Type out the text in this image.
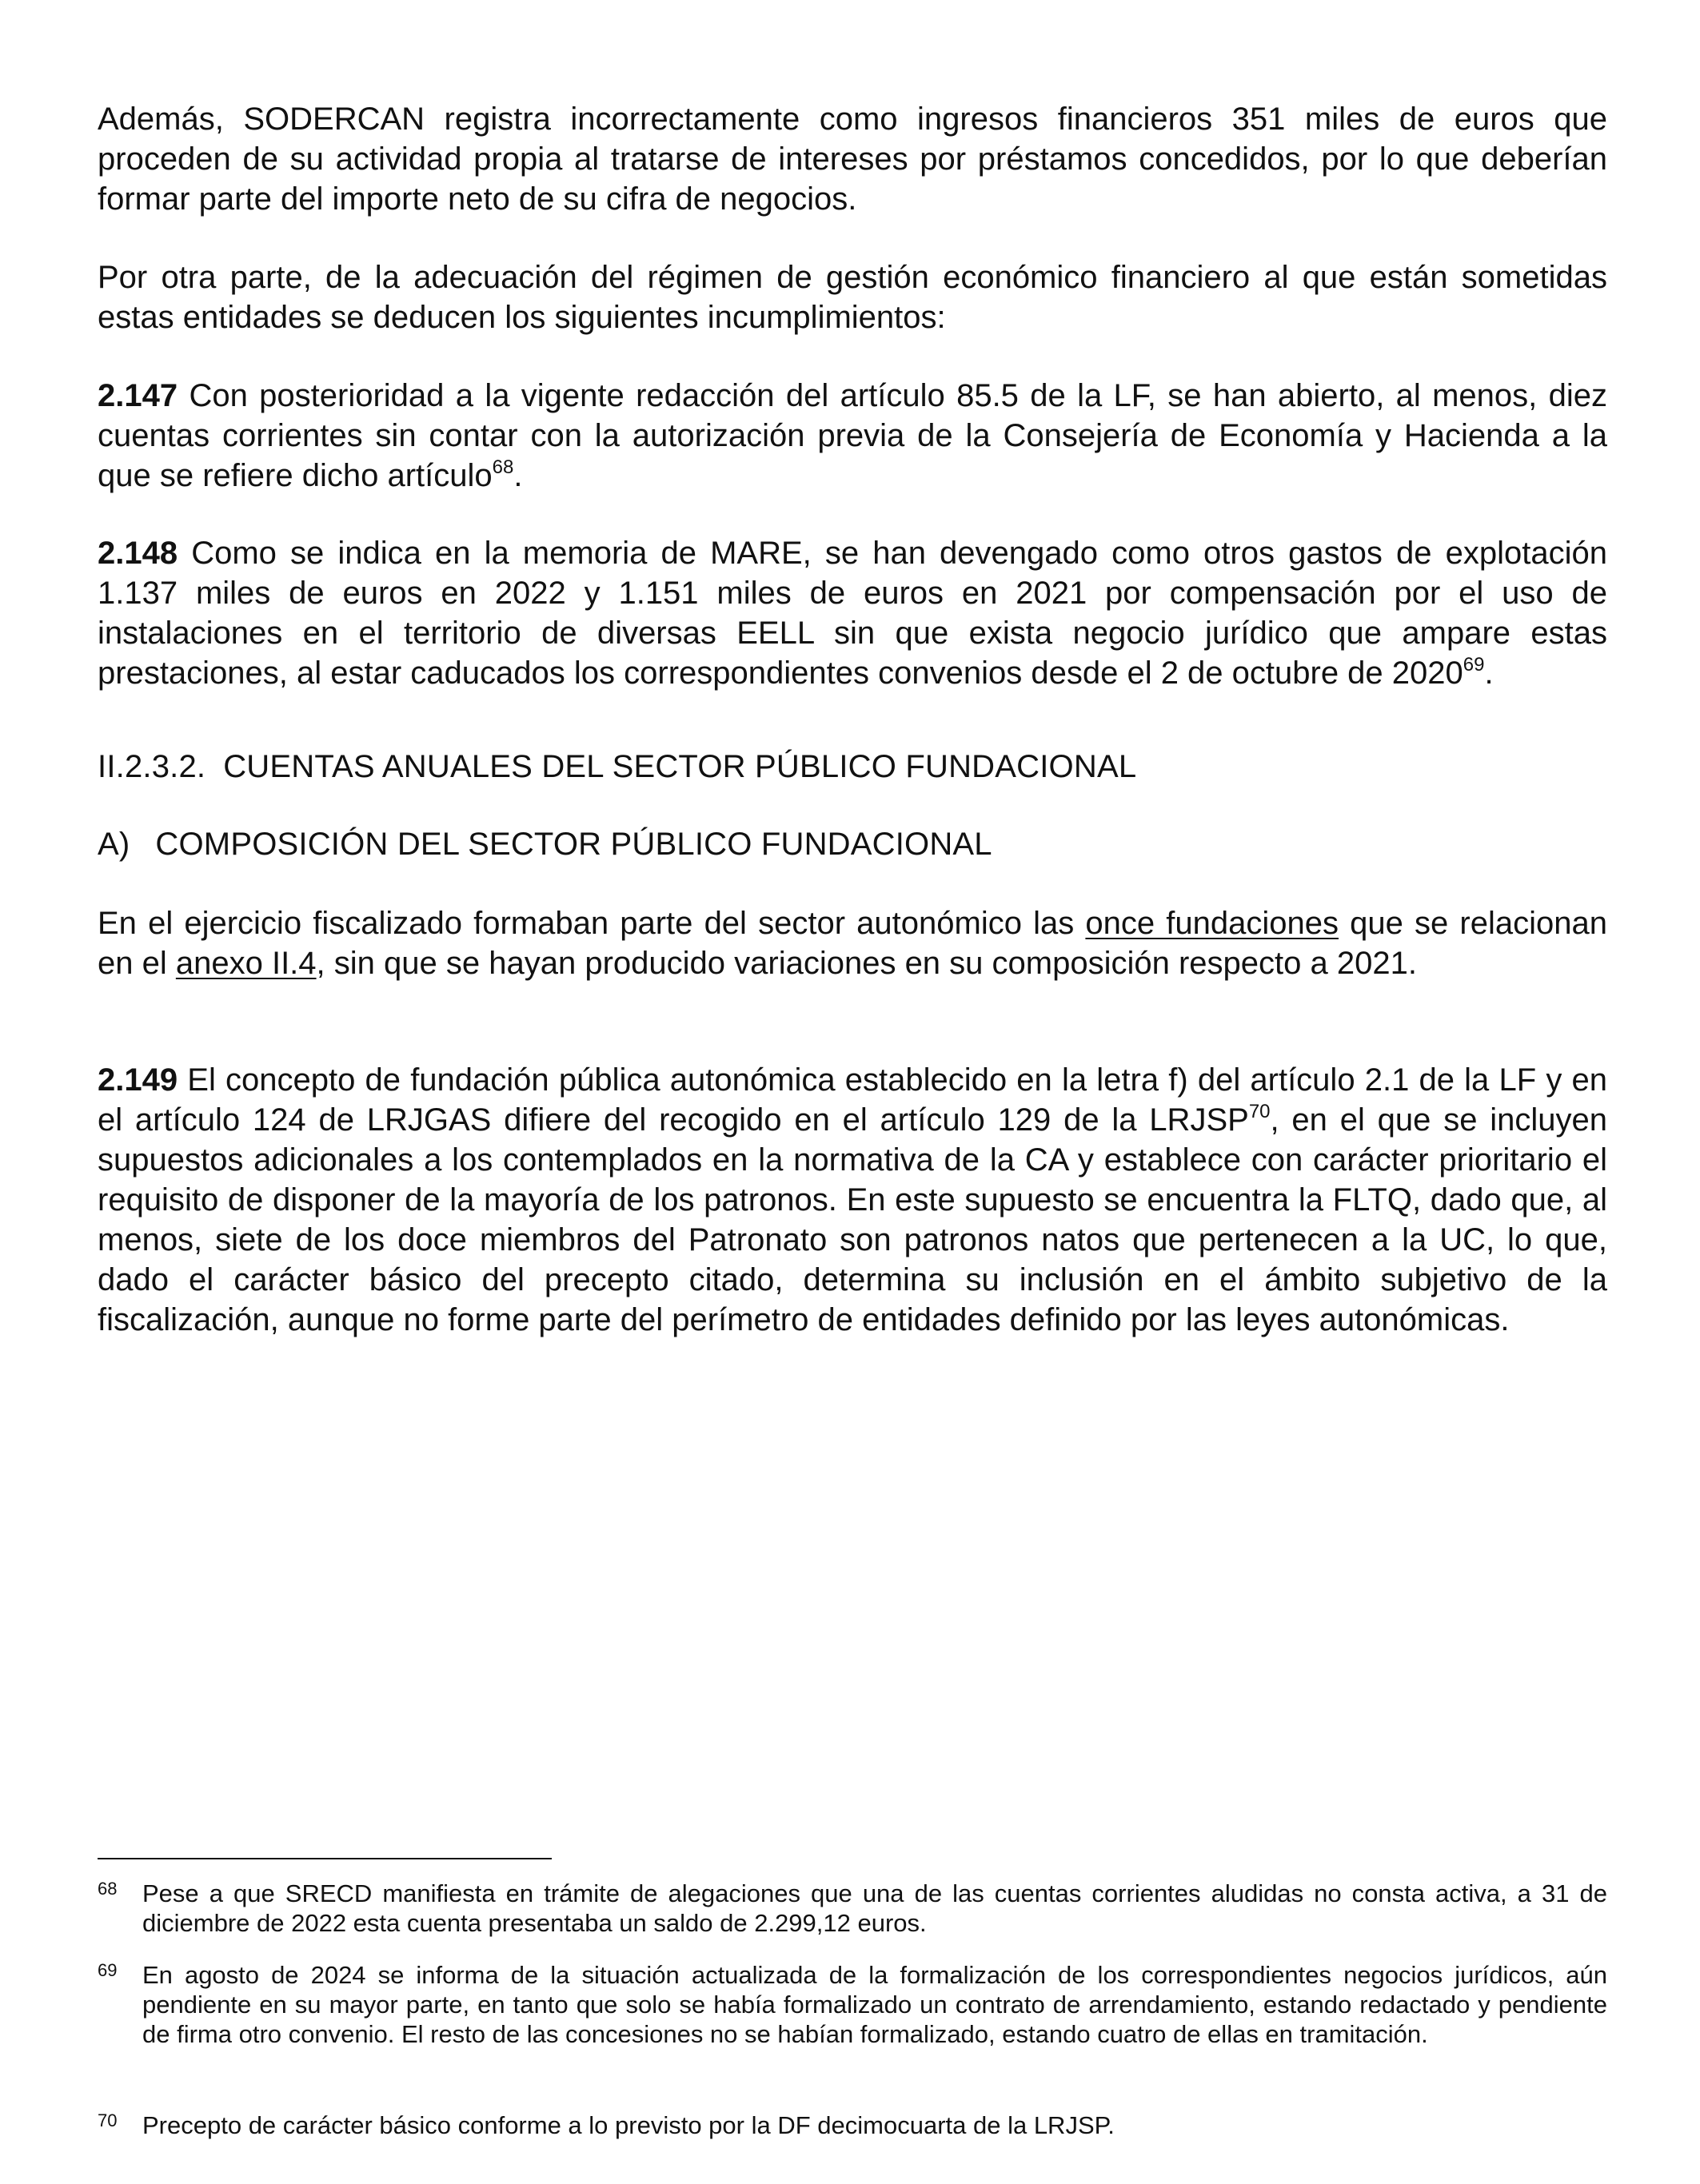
Además, SODERCAN registra incorrectamente como ingresos financieros 351 miles de euros que proceden de su actividad propia al tratarse de intereses por préstamos concedidos, por lo que deberían formar parte del importe neto de su cifra de negocios.

Por otra parte, de la adecuación del régimen de gestión económico financiero al que están sometidas estas entidades se deducen los siguientes incumplimientos:

2.147 Con posterioridad a la vigente redacción del artículo 85.5 de la LF, se han abierto, al menos, diez cuentas corrientes sin contar con la autorización previa de la Consejería de Economía y Hacienda a la que se refiere dicho artículo$^{68}$.

2.148 Como se indica en la memoria de MARE, se han devengado como otros gastos de explotación 1.137 miles de euros en 2022 y 1.151 miles de euros en 2021 por compensación por el uso de instalaciones en el territorio de diversas EELL sin que exista negocio jurídico que ampare estas prestaciones, al estar caducados los correspondientes convenios desde el 2 de octubre de 2020$^{69}$.

II.2.3.2. CUENTAS ANUALES DEL SECTOR PÚBLICO FUNDACIONAL
A) COMPOSICIÓN DEL SECTOR PÚBLICO FUNDACIONAL

En el ejercicio fiscalizado formaban parte del sector autonómico las once fundaciones que se relacionan en el anexo II.4, sin que se hayan producido variaciones en su composición respecto a 2021.

2.149 El concepto de fundación pública autonómica establecido en la letra f) del artículo 2.1 de la LF y en el artículo 124 de LRJGAS difiere del recogido en el artículo 129 de la LRJSP$^{70}$, en el que se incluyen supuestos adicionales a los contemplados en la normativa de la CA y establece con carácter prioritario el requisito de disponer de la mayoría de los patronos. En este supuesto se encuentra la FLTQ, dado que, al menos, siete de los doce miembros del Patronato son patronos natos que pertenecen a la UC, lo que, dado el carácter básico del precepto citado, determina su inclusión en el ámbito subjetivo de la fiscalización, aunque no forme parte del perímetro de entidades definido por las leyes autonómicas.

68 Pese a que SRECD manifiesta en trámite de alegaciones que una de las cuentas corrientes aludidas no consta activa, a 31 de diciembre de 2022 esta cuenta presentaba un saldo de 2.299,12 euros.
69 En agosto de 2024 se informa de la situación actualizada de la formalización de los correspondientes negocios jurídicos, aún pendiente en su mayor parte, en tanto que solo se había formalizado un contrato de arrendamiento, estando redactado y pendiente de firma otro convenio. El resto de las concesiones no se habían formalizado, estando cuatro de ellas en tramitación.
70 Precepto de carácter básico conforme a lo previsto por la DF decimocuarta de la LRJSP.
